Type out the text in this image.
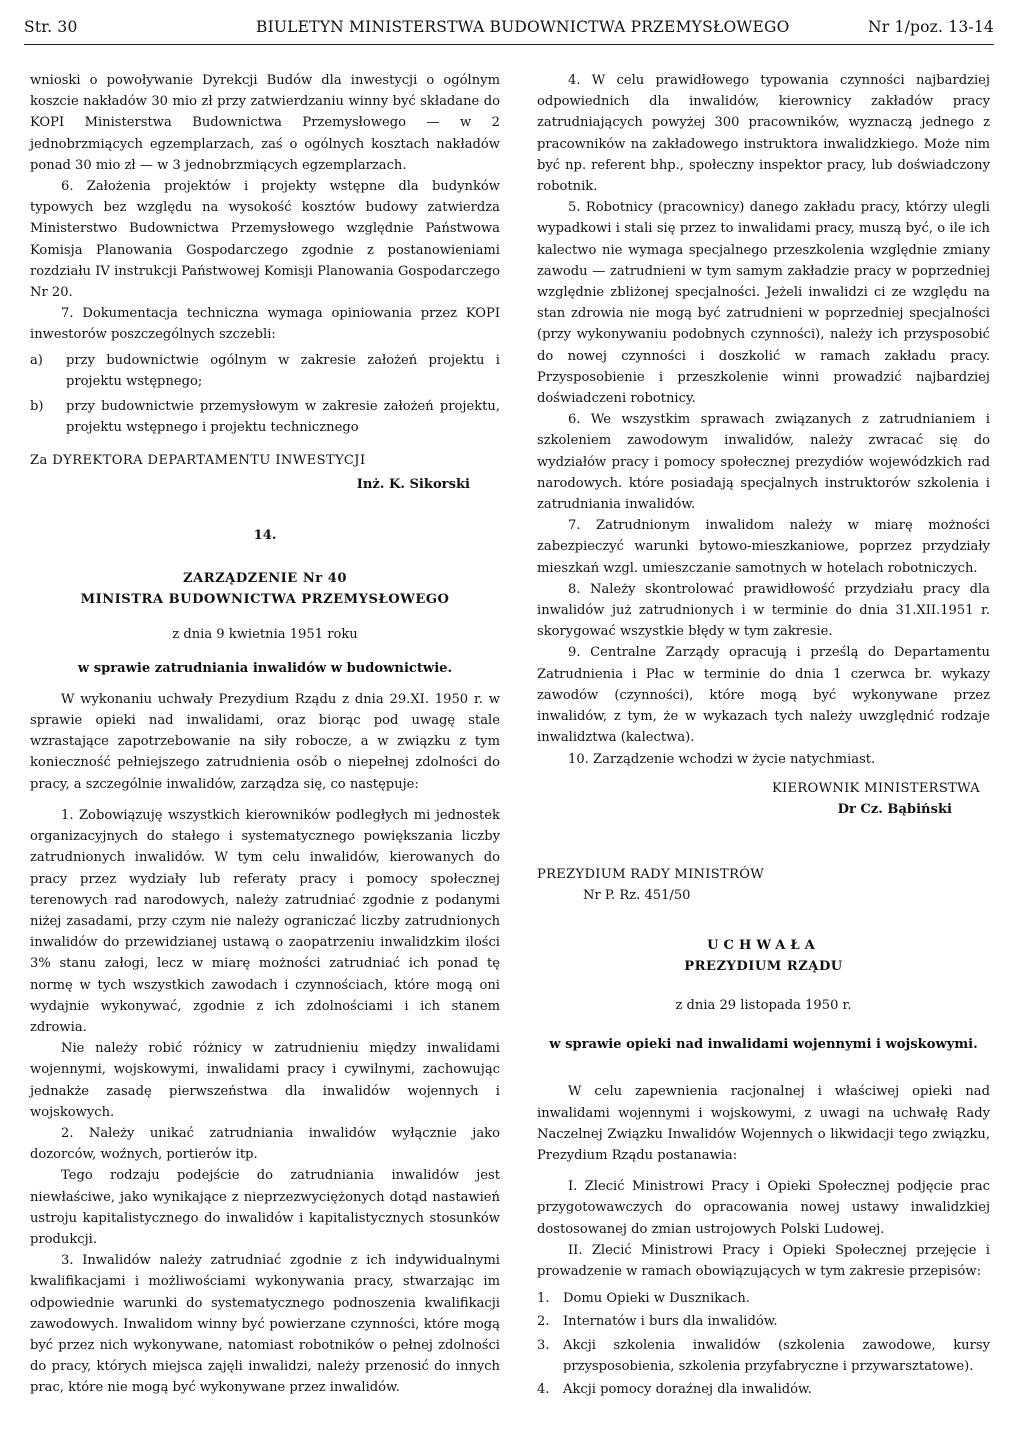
Str. 30	BIULETYN MINISTERSTWA BUDOWNICTWA PRZEMYSŁOWEGO	Nr 1/poz. 13-14

wnioski o powoływanie Dyrekcji Budów dla inwestycji o ogólnym koszcie nakładów 30 mio zł przy zatwierdzaniu winny być składane do KOPI Ministerstwa Budownictwa Przemysłowego — w 2 jednobrzmiących egzemplarzach, zaś o ogólnych kosztach nakładów ponad 30 mio zł — w 3 jednobrzmiących egzemplarzach.

6. Założenia projektów i projekty wstępne dla budynków typowych bez względu na wysokość kosztów budowy zatwierdza Ministerstwo Budownictwa Przemysłowego względnie Państwowa Komisja Planowania Gospodarczego zgodnie z postanowieniami rozdziału IV instrukcji Państwowej Komisji Planowania Gospodarczego Nr 20.

7. Dokumentacja techniczna wymaga opiniowania przez KOPI inwestorów poszczególnych szczebli:

a)	przy budownictwie ogólnym w zakresie założeń projektu i projektu wstępnego;
b)	przy budownictwie przemysłowym w zakresie założeń projektu, projektu wstępnego i projektu technicznego
Za DYREKTORA DEPARTAMENTU INWESTYCJI
Inż. K. Sikorski
14.
ZARZĄDZENIE Nr 40
MINISTRA BUDOWNICTWA PRZEMYSŁOWEGO
z dnia 9 kwietnia 1951 roku
w sprawie zatrudniania inwalidów w budownictwie.

W wykonaniu uchwały Prezydium Rządu z dnia 29.XI. 1950 r. w sprawie opieki nad inwalidami, oraz biorąc pod uwagę stale wzrastające zapotrzebowanie na siły robocze, a w związku z tym konieczność pełniejszego zatrudnienia osób o niepełnej zdolności do pracy, a szczególnie inwalidów, zarządza się, co następuje:

1. Zobowiązuję wszystkich kierowników podległych mi jednostek organizacyjnych do stałego i systematycznego powiększania liczby zatrudnionych inwalidów. W tym celu inwalidów, kierowanych do pracy przez wydziały lub referaty pracy i pomocy społecznej terenowych rad narodowych, należy zatrudniać zgodnie z podanymi niżej zasadami, przy czym nie należy ograniczać liczby zatrudnionych inwalidów do przewidzianej ustawą o zaopatrzeniu inwalidzkim ilości 3% stanu załogi, lecz w miarę możności zatrudniać ich ponad tę normę w tych wszystkich zawodach i czynnościach, które mogą oni wydajnie wykonywać, zgodnie z ich zdolnościami i ich stanem zdrowia.

Nie należy robić różnicy w zatrudnieniu między inwalidami wojennymi, wojskowymi, inwalidami pracy i cywilnymi, zachowując jednakże zasadę pierwszeństwa dla inwalidów wojennych i wojskowych.

2. Należy unikać zatrudniania inwalidów wyłącznie jako dozorców, woźnych, portierów itp.

Tego rodzaju podejście do zatrudniania inwalidów jest niewłaściwe, jako wynikające z nieprzezwyciężonych dotąd nastawień ustroju kapitalistycznego do inwalidów i kapitalistycznych stosunków produkcji.

3. Inwalidów należy zatrudniać zgodnie z ich indywidualnymi kwalifikacjami i możliwościami wykonywania pracy, stwarzając im odpowiednie warunki do systematycznego podnoszenia kwalifikacji zawodowych. Inwalidom winny być powierzane czynności, które mogą być przez nich wykonywane, natomiast robotników o pełnej zdolności do pracy, których miejsca zajęli inwalidzi, należy przenosić do innych prac, które nie mogą być wykonywane przez inwalidów.

4. W celu prawidłowego typowania czynności najbardziej odpowiednich dla inwalidów, kierownicy zakładów pracy zatrudniających powyżej 300 pracowników, wyznaczą jednego z pracowników na zakładowego instruktora inwalidzkiego. Może nim być np. referent bhp., społeczny inspektor pracy, lub doświadczony robotnik.

5. Robotnicy (pracownicy) danego zakładu pracy, którzy ulegli wypadkowi i stali się przez to inwalidami pracy, muszą być, o ile ich kalectwo nie wymaga specjalnego przeszkolenia względnie zmiany zawodu — zatrudnieni w tym samym zakładzie pracy w poprzedniej względnie zbliżonej specjalności. Jeżeli inwalidzi ci ze względu na stan zdrowia nie mogą być zatrudnieni w poprzedniej specjalności (przy wykonywaniu podobnych czynności), należy ich przysposobić do nowej czynności i doszkolić w ramach zakładu pracy. Przysposobienie i przeszkolenie winni prowadzić najbardziej doświadczeni robotnicy.

6. We wszystkim sprawach związanych z zatrudnianiem i szkoleniem zawodowym inwalidów, należy zwracać się do wydziałów pracy i pomocy społecznej prezydiów wojewódzkich rad narodowych. które posiadają specjalnych instruktorów szkolenia i zatrudniania inwalidów.

7. Zatrudnionym inwalidom należy w miarę możności zabezpieczyć warunki bytowo-mieszkaniowe, poprzez przydziały mieszkań wzgl. umieszczanie samotnych w hotelach robotniczych.

8. Należy skontrolować prawidłowość przydziału pracy dla inwalidów już zatrudnionych i w terminie do dnia 31.XII.1951 r. skorygować wszystkie błędy w tym zakresie.

9. Centralne Zarządy opracują i prześlą do Departamentu Zatrudnienia i Płac w terminie do dnia 1 czerwca br. wykazy zawodów (czynności), które mogą być wykonywane przez inwalidów, z tym, że w wykazach tych należy uwzględnić rodzaje inwalidztwa (kalectwa).

10. Zarządzenie wchodzi w życie natychmiast.

KIEROWNIK MINISTERSTWA
Dr Cz. Bąbiński
PREZYDIUM RADY MINISTRÓW
Nr P. Rz. 451/50
UCHWAŁA
PREZYDIUM RZĄDU
z dnia 29 listopada 1950 r.
w sprawie opieki nad inwalidami wojennymi i wojskowymi.

W celu zapewnienia racjonalnej i właściwej opieki nad inwalidami wojennymi i wojskowymi, z uwagi na uchwałę Rady Naczelnej Związku Inwalidów Wojennych o likwidacji tego związku, Prezydium Rządu postanawia:

I. Zlecić Ministrowi Pracy i Opieki Społecznej podjęcie prac przygotowawczych do opracowania nowej ustawy inwalidzkiej dostosowanej do zmian ustrojowych Polski Ludowej.

II. Zlecić Ministrowi Pracy i Opieki Społecznej przejęcie i prowadzenie w ramach obowiązujących w tym zakresie przepisów:

1.	Domu Opieki w Dusznikach.
2.	Internatów i burs dla inwalidów.
3.	Akcji szkolenia inwalidów (szkolenia zawodowe, kursy przysposobienia, szkolenia przyfabryczne i przywarsztatowe).
4.	Akcji pomocy doraźnej dla inwalidów.
